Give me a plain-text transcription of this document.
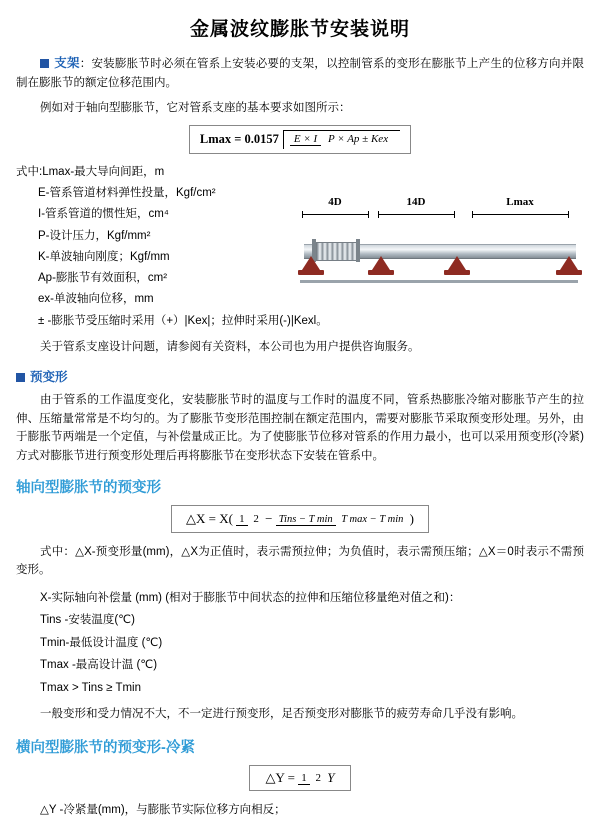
金属波纹膨胀节安装说明

支架：安装膨胀节时必须在管系上安装必要的支架，以控制管系的变形在膨胀节上产生的位移方向并限制在膨胀节的额定位移范围内。

例如对于轴向型膨胀节，它对管系支座的基本要求如图所示：

Lmax = 0.0157	E × I P × Ap ± Kex
式中:Lmax-最大导向间距，m
E-管系管道材料弹性投量，Kgf/cm²
I-管系管道的惯性矩，cm⁴
P-设计压力，Kgf/mm²
K-单波轴向刚度；Kgf/mm
Ap-膨胀节有效面积，cm²
ex-单波轴向位移，mm
± -膨胀节受压缩时采用（+）|Kex|；拉伸时采用(-)|Kexl。

关于管系支座设计问题，请参阅有关资料，本公司也为用户提供咨询服务。

预变形

由于管系的工作温度变化，安装膨胀节时的温度与工作时的温度不同，管系热膨胀冷缩对膨胀节产生的拉伸、压缩量常常是不均匀的。为了膨胀节变形范围控制在额定范围内，需要对膨胀节采取预变形处理。另外，由于膨胀节两端是一个定值，与补偿量成正比。为了使膨胀节位移对管系的作用力最小，也可以采用预变形(冷紧)方式对膨胀节进行预变形处理后再将膨胀节在变形状态下安装在管系中。

轴向型膨胀节的预变形
△X = X( 1 2 − Tins − T min T max − T min )

式中：△X-预变形量(mm)，△X为正值时，表示需预拉伸；为负值时，表示需预压缩；△X＝0时表示不需预变形。

X-实际轴向补偿量 (mm) (相对于膨胀节中间状态的拉伸和压缩位移量绝对值之和)：
Tins -安装温度(℃)
Tmin-最低设计温度 (℃)
Tmax -最高设计温 (℃)
Tmax > Tins ≥ Tmin

一般变形和受力情况不大，不一定进行预变形，足否预变形对膨胀节的疲劳寿命几乎没有影响。

横向型膨胀节的预变形-冷紧
△Y = 1 2 Y

△Y -冷紧量(mm)，与膨胀节实际位移方向相反；

4D	14D	Lmax
